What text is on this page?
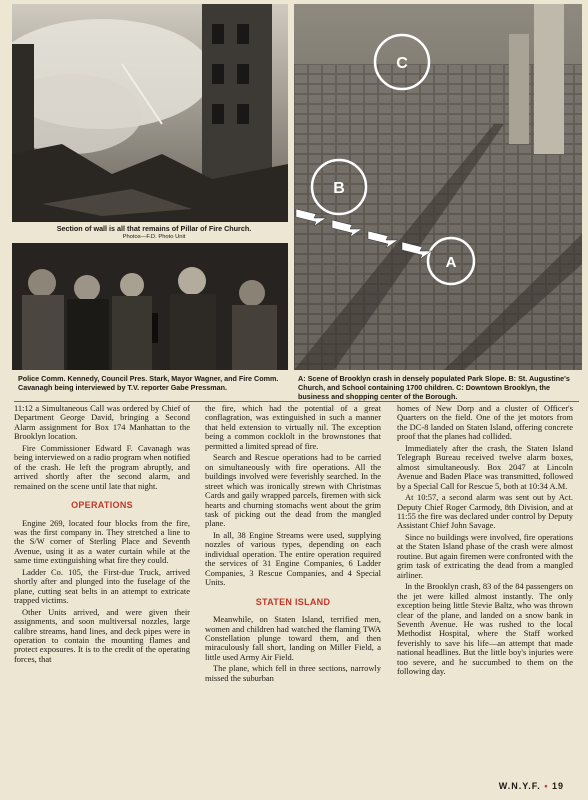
Section of wall is all that remains of Pillar of Fire Church.
Photos—F.D. Photo Unit
Police Comm. Kennedy, Council Pres. Stark, Mayor Wagner, and Fire Comm. Cavanagh being interviewed by T.V. reporter Gabe Pressman.
C
B
A
A: Scene of Brooklyn crash in densely populated Park Slope. B: St. Augustine's Church, and School containing 1700 children. C: Downtown Brooklyn, the business and shopping center of the Borough.

11:12 a Simultaneous Call was ordered by Chief of Department George David, bringing a Second Alarm assignment for Box 174 Manhattan to the Brooklyn location.

Fire Commissioner Edward F. Cavanagh was being interviewed on a radio program when notified of the crash. He left the program abruptly, and arrived shortly after the second alarm, and remained on the scene until late that night.

OPERATIONS

Engine 269, located four blocks from the fire, was the first company in. They stretched a line to the S/W corner of Sterling Place and Seventh Avenue, using it as a water curtain while at the same time extinguishing what fire they could.

Ladder Co. 105, the First-due Truck, arrived shortly after and plunged into the fuselage of the plane, cutting seat belts in an attempt to extricate trapped victims.

Other Units arrived, and were given their assignments, and soon multiversal nozzles, large calibre streams, hand lines, and deck pipes were in operation to contain the mounting flames and protect exposures. It is to the credit of the operating forces, that

the fire, which had the potential of a great conflagration, was extinguished in such a manner that held extension to virtually nil. The exception being a common cocklolt in the brownstones that permitted a limited spread of fire.

Search and Rescue operations had to be carried on simultaneously with fire operations. All the buildings involved were feverishly searched. In the street which was ironically strewn with Christmas Cards and gaily wrapped parcels, firemen with sick hearts and churning stomachs went about the grim task of picking out the dead from the mangled plane.

In all, 38 Engine Streams were used, supplying nozzles of various types, depending on each individual operation. The entire operation required the services of 31 Engine Companies, 6 Ladder Companies, 3 Rescue Companies, and 4 Special Units.

STATEN ISLAND

Meanwhile, on Staten Island, terrified men, women and children had watched the flaming TWA Constellation plunge toward them, and then miraculously fall short, landing on Miller Field, a little used Army Air Field.

The plane, which fell in three sections, narrowly missed the suburban

homes of New Dorp and a cluster of Officer's Quarters on the field. One of the jet motors from the DC-8 landed on Staten Island, offering concrete proof that the planes had collided.

Immediately after the crash, the Staten Island Telegraph Bureau received twelve alarm boxes, almost simultaneously. Box 2047 at Lincoln Avenue and Baden Place was transmitted, followed by a Special Call for Rescue 5, both at 10:34 A.M.

At 10:57, a second alarm was sent out by Act. Deputy Chief Roger Carmody, 8th Division, and at 11:55 the fire was declared under control by Deputy Assistant Chief John Savage.

Since no buildings were involved, fire operations at the Staten Island phase of the crash were almost routine. But again firemen were confronted with the grim task of extricating the dead from a mangled airliner.

In the Brooklyn crash, 83 of the 84 passengers on the jet were killed almost instantly. The only exception being little Stevie Baltz, who was thrown clear of the plane, and landed on a snow bank in Seventh Avenue. He was rushed to the local Methodist Hospital, where the Staff worked feverishly to save his life—an attempt that made national headlines. But the little boy's injuries were too severe, and he succumbed to them on the following day.

W.N.Y.F. • 19
